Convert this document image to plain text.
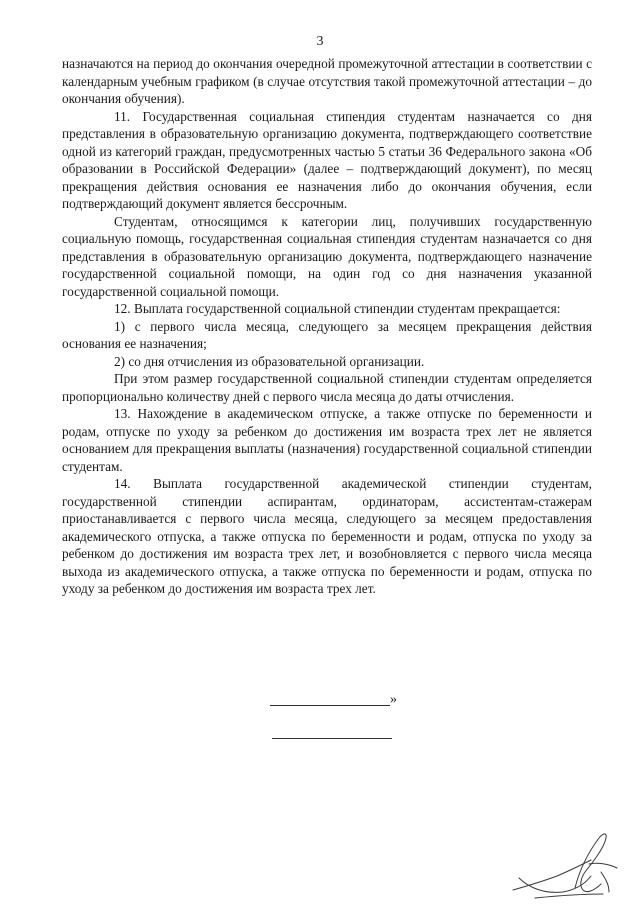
3

назначаются на период до окончания очередной промежуточной аттестации в соответствии с календарным учебным графиком (в случае отсутствия такой промежуточной аттестации – до окончания обучения).

11. Государственная социальная стипендия студентам назначается со дня представления в образовательную организацию документа, подтверждающего соответствие одной из категорий граждан, предусмотренных частью 5 статьи 36 Федерального закона «Об образовании в Российской Федерации» (далее – подтверждающий документ), по месяц прекращения действия основания ее назначения либо до окончания обучения, если подтверждающий документ является бессрочным.

Студентам, относящимся к категории лиц, получивших государственную социальную помощь, государственная социальная стипендия студентам назначается со дня представления в образовательную организацию документа, подтверждающего назначение государственной социальной помощи, на один год со дня назначения указанной государственной социальной помощи.

12. Выплата государственной социальной стипендии студентам прекращается:

1) с первого числа месяца, следующего за месяцем прекращения действия основания ее назначения;

2) со дня отчисления из образовательной организации.

При этом размер государственной социальной стипендии студентам определяется пропорционально количеству дней с первого числа месяца до даты отчисления.

13. Нахождение в академическом отпуске, а также отпуске по беременности и родам, отпуске по уходу за ребенком до достижения им возраста трех лет не является основанием для прекращения выплаты (назначения) государственной социальной стипендии студентам.

14. Выплата государственной академической стипендии студентам, государственной стипендии аспирантам, ординаторам, ассистентам-стажерам приостанавливается с первого числа месяца, следующего за месяцем предоставления академического отпуска, а также отпуска по беременности и родам, отпуска по уходу за ребенком до достижения им возраста трех лет, и возобновляется с первого числа месяца выхода из академического отпуска, а также отпуска по беременности и родам, отпуска по уходу за ребенком до достижения им возраста трех лет.

»
